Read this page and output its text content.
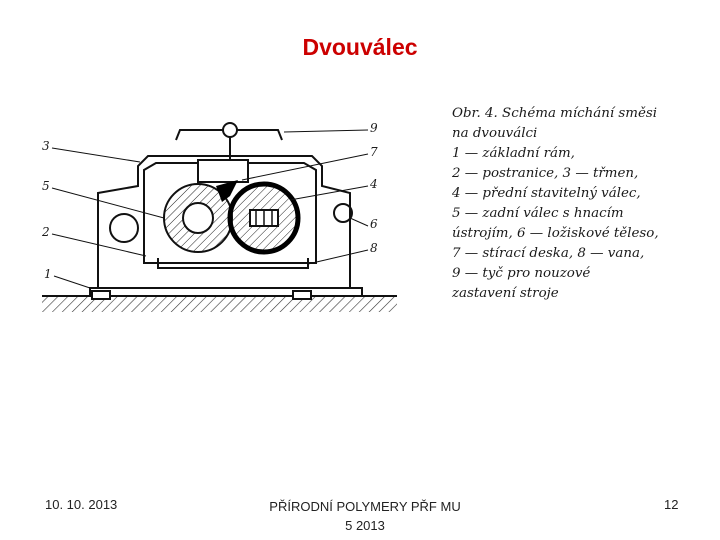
Dvouválec
1
2
3
4
5
6
8
7
9
Obr. 4. Schéma míchání směsi
na dvouválci
1 — základní rám,
2 — postranice, 3 — třmen,
4 — přední stavitelný válec,
5 — zadní válec s hnacím
ústrojím, 6 — ložiskové těleso,
7 — stírací deska, 8 — vana,
9 — tyč pro nouzové
zastavení stroje
10. 10. 2013	PŘÍRODNÍ POLYMERY PŘF MU
5 2013
12
